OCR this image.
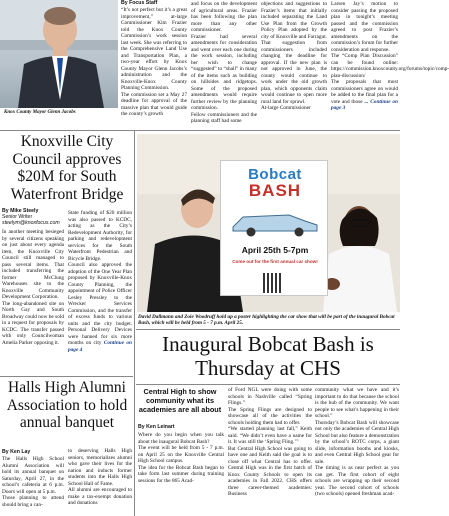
Knox County Mayor Glenn Jacobs
By Focus Staff
“It’s not perfect but it’s a great improvement,” at-large Commissioner Kim Frazier told the Knox County Commission’s work session last week. She was referring to the Comprehensive Land Use and Transportation Plan, a two-year effort by Knox County Mayor Glenn Jacobs’s administration and the Knoxville-Knox County Planning Commission.
The commission set a May 27 deadline for approval of the massive plan that would guide the county’s growth
and focus on the development of agricultural areas. Frazier has been following the plan more than any other commissioner.
Frazier had several amendments for consideration and went over each one during the work session, including her wish to change “suggested” to “shall” in many of the items such as building on hillsides and ridgetops. Some of the proposed amendments would require further review by the planning commission.
Fellow commissioners and the planning staff had some
objections and suggestions to Frazier’s items that initially included separating the Land Use Plan from the Growth Policy Plan adopted by the city of Knoxville and Farragut. That suggestion from commissioners included changing the deadline for approval. If the new plan is not approved in June, the county would continue to work under the old growth plan, which opponents claim would continue to open more rural land for sprawl.
At-large Commissioner
Larsen Jay’s motion to consider passing the proposed plan in tonight’s meeting passed and the commission agreed to post Frazier’s amendments on the commission’s forum for further consideration and response.
The “Comp Plan Discussion” can be found online: https://commission.knoxcounty.org/forums/topic/comp-plan-discussion/
The proposals that most commissioners agree on would be added to the final plan for a vote and those ... Continue on page 3
Knoxville City Council approves $20M for South Waterfront Bridge
By Mike Steely
Senior Writer
steelym@knoxfocus.com
In another meeting besieged by several citizens speaking on just about every agenda item, the Knoxville City Council still managed to pass several items. That included transferring the former McClung Warehouses site to the Knoxville Community Development Corporation.
The long-abandoned site on North Gay and South Broadway could now be sold in a request for proposals by KCDC. The transfer passed with only Councilwoman Amelia Parker opposing it.
State funding of $20 million was also passed to KCDC, acting as the City’s Redevelopment Authority, for parking and redevelopment services for the South Waterfront Pedestrian and Bicycle Bridge.
Council also approved the adoption of the One Year Plan proposed by Knoxville-Knox County Planning, the appointment of Police Officer Lesley Pressley to the Wrecker Services Commission, and the transfer of excess funds to various units and the city budget. Personal Delivery Devices were banned for six more months on city Continue on page 4
Halls High Alumni Association to hold annual banquet
By Ken Lay
The Halls High School Alumni Association will hold its annual banquet on Saturday, April 27, in the school’s cafeteria at 6 p.m. Doors will open at 5 p.m.
Those planning to attend should bring a can-
to deserving Halls High seniors, memorializes alumni who gave their lives for the nation and inducts former students into the Halls High School Hall of Fame.
All alumni are encouraged to make a tax-exempt donation and donations
Bobcat
BASH
April 25th 5-7pm
Come out for the first annual car show!
David Dallmann and Zoie Woodruff hold up a poster highlighting the car show that will be part of the inaugural Bobcat Bash, which will be held from 5 - 7 p.m. April 25.
Inaugural Bobcat Bash is Thursday at CHS
Central High to show community what its academies are all about
By Ken Leinart
Where do you begin when you talk about the inaugural Bobcat Bash?
The event will be held from 5 - 7 p.m. on April 25 on the Knoxville Central High School campus.
The idea for the Bobcat Bash began to take form last summer during training sessions for the 865 Acad-
of Ford NGL were doing with some schools in Nashville called “Spring Flings.”
The Spring Flings are designed to showcase all of the activities the schools holding them had to offer.
“We started planning last fall,” Keith said. “We didn’t even have a name for it. It was still the ‘Spring Fling.’”
But Central High School was going to have one and Keith said the goal is to close off what Central has to offer. Central High was in the first batch of Knox County Schools to open its academies in Fall 2022. CHS offers three career-themed academies: Business
community what we have and it’s important to do that because the school is the hub of the community. We want people to see what’s happening in their school.”
Thursday’s Bobcat Bash will showcase not only the academies of Central High School but also feature a demonstration by the school’s ROTC corps, a giant slide, information booths and kiosks, and even Central High School gear for sale.
The timing is as near perfect as you can get. The first cohort of eight schools are wrapping up their second year. The second cohort of schools (two schools) opened freshman acad-
